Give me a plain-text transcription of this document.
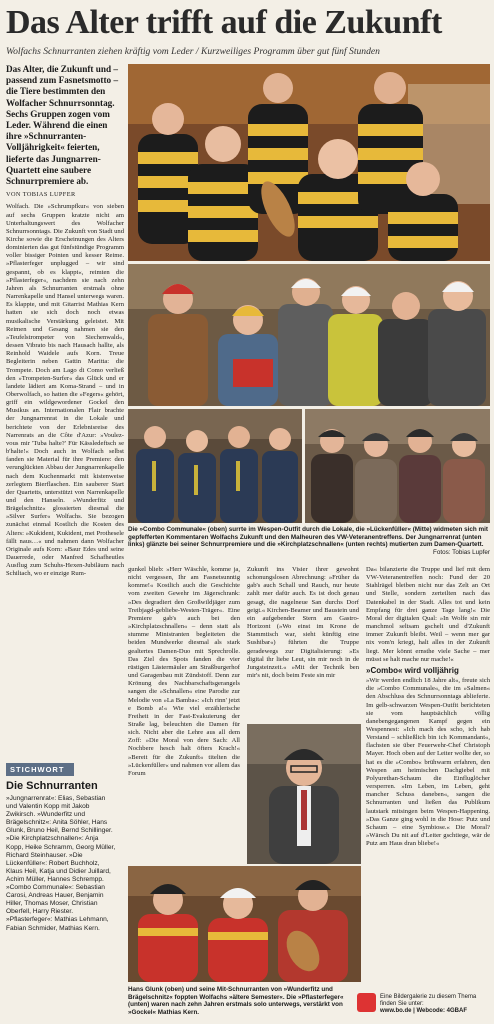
Das Alter trifft auf die Zukunft
Wolfachs Schnurranten ziehen kräftig vom Leder / Kurzweiliges Programm über gut fünf Stunden

Das Alter, die Zukunft und – passend zum Fasnetsmotto – die Tiere bestimmten den Wolfacher Schnurrsonntag. Sechs Gruppen zogen vom Leder. Während die einen ihre »Schnurranten-Volljährigkeit« feierten, lieferte das Jungnarren-Quartett eine saubere Schnurrpremiere ab.

VON TOBIAS LUPFER

Wolfach. Die »Schrumpfkur« von sieben auf sechs Gruppen kratzte nicht am Unterhaltungswert des Wolfacher Schnurrsonntags. Die Zukunft von Stadt und Kirche sowie die Erscheinungen des Alters dominierten das gut fünfstündige Programm voller bissiger Pointen und kesser Reime. »Pflasterfeger unplugged – wir sind gespannt, ob es klappt«, reimten die »Pflasterfeger«, nachdem sie nach zehn Jahren als Schnurranten erstmals ohne Narrenkapelle und Hansel unterwegs waren. Es klappte, und mit Gitarrist Mathias Kern hatten sie sich doch noch etwas musikalische Verstärkung geleistet. Mit Reimen und Gesang nahmen sie den »Teufelstrompeter von Siechenwald«, dessen Vibrato bis nach Hausach hallte, als Reinhold Waidele aufs Korn. Treue Begleiterin neben Gattin Maritta: die Trompete. Doch am Lago di Como verließ den »Trompeten-Surfer« das Glück und er landete lädiert am Koma-Strand – und in Oberwolfach, so hatten die »Fegers« gehört, griff ein wildgewordener Gockel den Musikus an. Internationalen Flair brachte der Jungnarrenrat in die Lokale und berichtete von der Erlebnisreise des Narrenrats an die Côte d'Azur: »Voulez-vous mir 'Tuba halte?' Für Kässledeftsch se b'halte!« Doch auch in Wolfach selbst fanden sie Material für ihre Premiere: den verunglückten Abbau der Jungnarrenkapelle nach dem Kuchenmarkt mit kistenweise zerlegtem Bierflaschen. Ein sauberer Start der Quartetts, unterstützt von Narrenkapelle und den Hanseln. »Wunderfitz und Brägelschnitz« glossierten diesmal die »Silver Surfer« Wolfachs. Sie bezogen zunächst einmal Kostlich die Kosten des Alters: »Kukident, Kukident, mei Prothesele fällt naus…« und nahmen dann Wolfacher Originale aufs Korn: »Baur Edes und seine Dauerrede, oder Manfred Schafheutles Ausflug zum Schuhs-Hexen-Jubiläum nach Schiltach, wo er einzige Rum-

Die »Combo Communale« (oben) surrte im Wespen-Outfit durch die Lokale, die »Lückenfüller« (Mitte) widmeten sich mit gepfefferten Kommentaren Wolfachs Zukunft und den Malheuren des VW-Veteranentreffens. Der Jungnarrenrat (unten links) glänzte bei seiner Schnurrpremiere und die »Kirchplatzschnallen« (unten rechts) mutierten zum Damen-Quartett.
Fotos: Tobias Lupfer

gunkel blieb: »Herr Wäschle, komme ja, nicht vergessen, Ihr am Fasnetsunntig komme!« Kostlich auch die Geschichte vom zweiten Gewehr im Jägerschrank: »Des degradiert den Großwildjäger zum Treibjagd-gebliebe-Westen-Träger«. Eine Premiere gab's auch bei den »Kirchplatzschnallen« – denn statt als stumme Ministranten begleiteten die beiden Mundwerke diesmal als stark gealtertes Damen-Duo mit Sprechrolle. Das Ziel des Spots fanden die vier rüstigen Lästermäuler am Straßburgerhof und Garagenbau mit Zündstoff. Denn zur Krönung des Nachbarschaftsgerangels sangen die »Schnallen« eine Parodie zur Melodie von »La Bamba«: »Ich rinn' jetzt e Bomb a!« Wie viel erzählerische Freiheit in der Fast-Evakuierung der Straße lag, beleuchten die Damen für sich. Nicht aber die Lehre aus all dem Zoff: »Die Moral von dere Sach: All Nochbere hesch halt öfters Krach!« »Bereit für die Zukunft« titelten die »Lückenfüller« und nahmen vor allem das Forum

Zukunft ins Visier ihrer gewohnt schonungslosen Abrechnung: »Früher da gab's auch Schall und Rauch, nur heute zahlt mer dafür auch. Es ist doch genau gesagt, die nagelneue San durchs Dorf geigt.« Kirchen-Beamer und Baustein und ein aufgebender Stern am Gastro-Horizont (»Wo einst im Krone de Stammtisch war, sieht künftig eine Sushibar«) führten die Truppe geradewegs zur Digitalisierung: »Es digital ihr liebe Leut, sin mir noch in de Jungsteinzeit.« »Mit der Technik ben mir's nit, doch beim Feste sin mir

Da« bilanzierte die Truppe und lief mit dem VW-Veteranentreffen noch: Fund der 20 Stahlrägel bleiben nicht nur das Zelt an Ort und Stelle, sondern zerteilten nach das Datenkabel in der Stadt. Alles tot und kein Empfang für drei ganze Tage lang!« Die Moral der digitalen Qual: »In Wolfe sin mir manchmol seltsam gschelt und d'Zukunft immer Zukunft bleibt. Weil – wenn mer gar nix vom'n kriegt, halt alles in der Zukunft liegt. Mer könnt ernsthe viele Sache – mer müsst se halt mache nur mache!«

»Combo« wird volljährig

»Wir werden endlich 18 Jahre alt«, freute sich die »Combo Communale«, die im »Salmen« den Abschluss des Schnurrsonntags ablieferte. Im gelb-schwarzen Wespen-Outfit berichteten sie vom hauptsächlich völlig danebengegangenen Kampf gegen ein Wespennest: »Ich mach des scho, ich hab Verstand – schließlich bin ich Kommandant«, flachsten sie über Feuerwehr-Chef Christoph Mayer. Hoch oben auf der Leiter wollte der, so hat es die »Combo« brühwarm erfahren, den Wespen am heimischen Dachgiebel mit Polyurethan-Schaum die Einfluglöcher versperren. »Im Leben, im Leben, geht mancher Schuss daneben«, sangen die Schnurranten und ließen das Publikum lautstark mitsingen beim Wespen-Happening. »Das Ganze ging wohl in die Hose: Putz und Schaum – eine Symbiose.« Die Moral? »Wärsch Du nit auf d'Leiter gschtiege, wär de Putz am Haus dran bliebe!«

Hans Glunk (oben) und seine Mit-Schnurranten von »Wunderfitz und Brägelschnitz« foppten Wolfachs »ältere Semester«. Die »Pflasterfeger« (unten) waren nach zehn Jahren erstmals solo unterwegs, verstärkt von »Gockel« Mathias Kern.
STICHWORT
Die Schnurranten
»Jungnarrenrat«: Elias, Sebastian und Valentin Kopp mit Jakob Zwikirsch. »Wunderfitz und Brägelschnitz«: Anita Söhler, Hans Glunk, Bruno Heil, Bernd Schillinger. »Die Kirchplatzschnallen«: Anja Kopp, Heike Schramm, Georg Müller, Richard Steinhauser. »Die Lückenfüller«: Robert Buchholz, Klaus Heil, Katja und Didier Juillard, Achim Müller, Hannes Schrempp. »Combo Communale«: Sebastian Carosi, Andreas Hauer, Benjamin Hiller, Thomas Moser, Christian Oberfell, Harry Riester. »Pflasterfeger«: Mathias Lehmann, Fabian Schmider, Mathias Kern.
Eine Bildergalerie zu diesem Thema finden Sie unter:
www.bo.de | Webcode: 4GBAF
